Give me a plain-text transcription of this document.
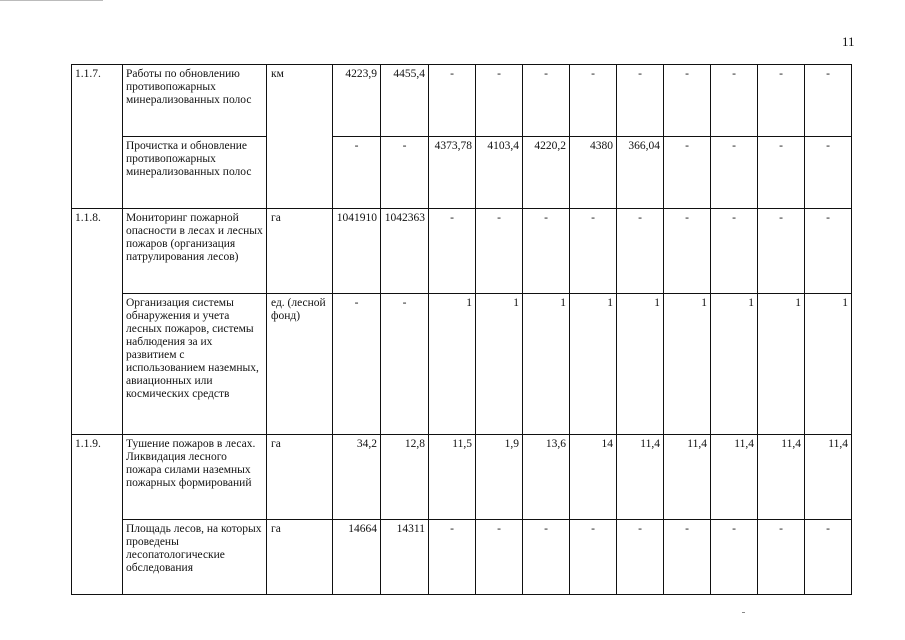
11
1.1.7.	Работы по обновлению противопожарных минерализованных полос	км	4223,9	4455,4	-	-	-	-	-	-	-	-	-
	Прочистка и обновление противопожарных минерализованных полос		-	-	4373,78	4103,4	4220,2	4380	366,04	-	-	-	-
1.1.8.	Мониторинг пожарной опасности в лесах и лесных пожаров (организация патрулирования лесов)	га	1041910	1042363	-	-	-	-	-	-	-	-	-
	Организация системы обнаружения и учета лесных пожаров, системы наблюдения за их развитием с использованием наземных, авиационных или космических средств	ед. (лесной фонд)	-	-	1	1	1	1	1	1	1	1	1
1.1.9.	Тушение пожаров в лесах. Ликвидация лесного пожара силами наземных пожарных формирований	га	34,2	12,8	11,5	1,9	13,6	14	11,4	11,4	11,4	11,4	11,4
	Площадь лесов, на которых проведены лесопатологические обследования	га	14664	14311	-	-	-	-	-	-	-	-	-
